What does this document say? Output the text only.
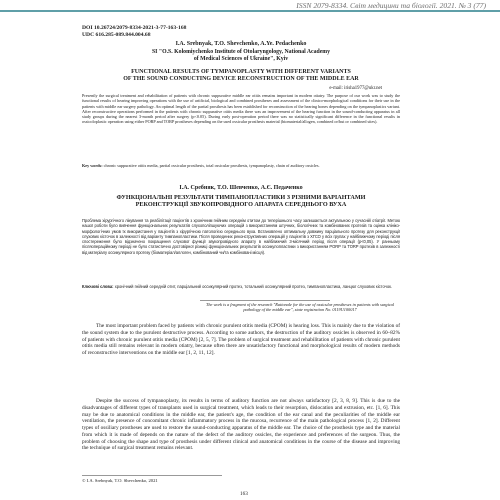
ISSN 2079-8334. Світ медицини та біології. 2021. № 3 (77)
DOI 10.26724/2079-8334-2021-3-77-163-168
UDC 616.285-089.844.004.68
I.A. Srebnyak, T.O. Shevchenko, A.Ye. Pedachenko
SI "O.S. Kolomiychenko Institute of Otolaryngology, National Academy
of Medical Sciences of Ukraine", Kyiv
FUNCTIONAL RESULTS OF TYMPANOPLASTY WITH DIFFERENT VARIANTS
OF THE SOUND CONDUCTING DEVICE RECONSTRUCTION OF THE MIDDLE EAR
e-mail: irisha1977@ukr.net
Presently the surgical treatment and rehabilitation of patients with chronic suppurative middle ear otitis remains important in modern otiatry. The purpose of our work was to study the functional results of hearing improving operations with the use of artificial, biological and combined prostheses and assessment of the clinico-morphological conditions for their use in the patients with middle ear surgery pathology. An optimal length of the partial prosthesis has been established for reconstruction of the hearing bones depending on the tympanoplastics variant. After reconstructive operations performed in the patients with chronic suppurative otitis media there was an improvement of the hearing function in the sound-conducting apparatus in all study groups during the nearest 3-month period after surgery (p<0.05). During early post-operation period there was no statistically significant difference in the functional results in ossicoloplastic operation using either PORP and TORP prostheses depending on the used ossicular prosthesis material (biomaterial/allogen, combined or/but or combined sites).
Key words: chronic suppurative otitis media, partial ossicular prosthesis, total ossicular prosthesis, tympanoplasty, chain of auditory ossicles.
І.А. Сребняк, Т.О. Шевченко, А.Є. Педаченко
ФУНКЦІОНАЛЬНІ РЕЗУЛЬТАТИ ТИМПАНОПЛАСТИКИ З РІЗНИМИ ВАРІАНТАМИ
РЕКОНСТРУКЦІЇ ЗВУКОПРОВІДНОГО АПАРАТА СЕРЕДНЬОГО ВУХА
Проблема хірургічного лікування та реабілітації пацієнтів з хронічним гнійним середнім отитом до теперішнього часу залишається актуальною у сучасній отіатрії. Метою нашої роботи було вивчення функціональних результатів слухополіпшуючих операцій з використанням штучних, біологічних та комбінованих протезів та оцінка клініко-морфологічних умов їх використання у пацієнтів з хірургічною патологією середнього вуха. Встановлено оптимальну довжину парціального протезу для реконструкції слухових кісточок в залежності від варіанту тимпанопластики. Після проведених реконструктивних операцій у пацієнтів з ХГСО у всіх групах у найближчому періоді після спостереження було відзначено покращення слухової функції звукопровідного апарату в найближчий 3-місячний період після операції (p<0,05). У ранньому післяопераційному періоді не було статистично достовірної різниці функціональних результатів оссикулопластики з використанням PORP та TORP протезів в залежності від матеріалу оссикулярного протезу (біоматеріал/аллоген, комбінований чи/та комбіновані місця).
Ключові слова: хронічний гнійний середній отит, парціальний оссикулярний протез, тотальний оссикулярний протез, тимпанопластика, ланцюг слухових кісточок.
The work is a fragment of the research "Rationale for the use of ossicular prostheses in patients with surgical pathology of the middle ear", state registration No. 0119U100017
The most important problem faced by patients with chronic purulent otitis media (CPOM) is hearing loss. This is mainly due to the violation of the sound system due to the purulent destructive process. According to some authors, the destruction of the auditory ossicles is observed in 60–82% of patients with chronic purulent otitis media (CPOM) [2, 5, 7]. The problem of surgical treatment and rehabilitation of patients with chronic purulent otitis media still remains relevant in modern otiatry, because often there are unsatisfactory functional and morphological results of modern methods of reconstructive interventions on the middle ear [1, 2, 11, 12].
Despite the success of tympanoplasty, its results in terms of auditory function are not always satisfactory [2, 3, 8, 9]. This is due to the disadvantages of different types of transplants used in surgical treatment, which leads to their resorption, dislocation and extrusion, etc. [1, 6]. This may be due to anatomical conditions in the middle ear, the patient's age, the condition of the ear canal and the peculiarities of the middle ear ventilation, the presence of concomitant chronic inflammatory process in the mucosa, recurrence of the main pathological process [1, 2]. Different types of ossiliary prostheses are used to restore the sound-conducting apparatus of the middle ear. The choice of the prosthesis type and the material from which it is made of depends on the nature of the defect of the auditory ossicles, the experience and preferences of the surgeon. Thus, the problem of choosing the shape and type of prosthesis under different clinical and anatomical conditions in the course of the disease and improving the technique of surgical treatment remains relevant.
© I.A. Srebnyak, T.O. Shevchenko, 2021
163
